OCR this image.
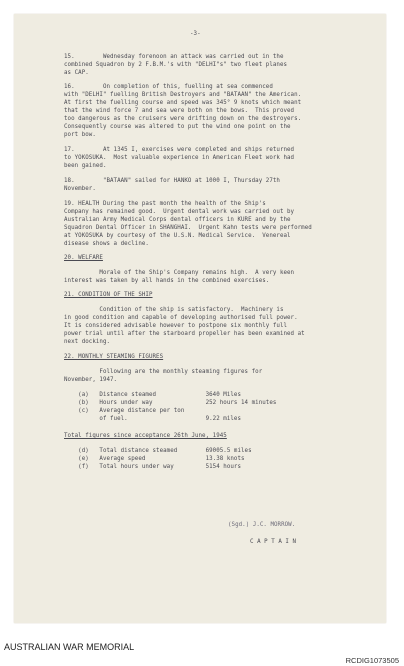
-3-
15.        Wednesday forenoon an attack was carried out in the
combined Squadron by 2 F.B.M.'s with "DELHI"s" two fleet planes
as CAP.
16.        On completion of this, fuelling at sea commenced
with "DELHI" fuelling British Destroyers and "BATAAN" the American.
At first the fuelling course and speed was 345° 9 knots which meant
that the wind force 7 and sea were both on the bows.  This proved
too dangerous as the cruisers were drifting down on the destroyers.
Consequently course was altered to put the wind one point on the
port bow.
17.        At 1345 I, exercises were completed and ships returned
to YOKOSUKA.  Most valuable experience in American Fleet work had
been gained.
18.        "BATAAN" sailed for HANKO at 1000 I, Thursday 27th
November.
19. HEALTH During the past month the health of the Ship's
Company has remained good.  Urgent dental work was carried out by
Australian Army Medical Corps dental officers in KURE and by the
Squadron Dental Officer in SHANGHAI.  Urgent Kahn tests were performed
at YOKOSUKA by courtesy of the U.S.N. Medical Service.  Venereal
disease shows a decline.
20. WELFARE
Morale of the Ship's Company remains high.  A very keen
interest was taken by all hands in the combined exercises.
21. CONDITION OF THE SHIP
Condition of the ship is satisfactory.  Machinery is
in good condition and capable of developing authorised full power.
It is considered advisable however to postpone six monthly full
power trial until after the starboard propeller has been examined at
next docking.
22. MONTHLY STEAMING FIGURES
Following are the monthly steaming figures for
November, 1947.
(a)   Distance steamed              3640 Miles
(b)   Hours under way               252 hours 14 minutes
(c)   Average distance per ton
of fuel.                      9.22 miles
Total figures since acceptance 26th June, 1945
(d)   Total distance steamed        69005.5 miles
(e)   Average speed                 13.38 knots
(f)   Total hours under way         5154 hours
(Sgd.) J.C. MORROW.
C A P T A I N
AUSTRALIAN WAR MEMORIAL
RCDIG1073505
